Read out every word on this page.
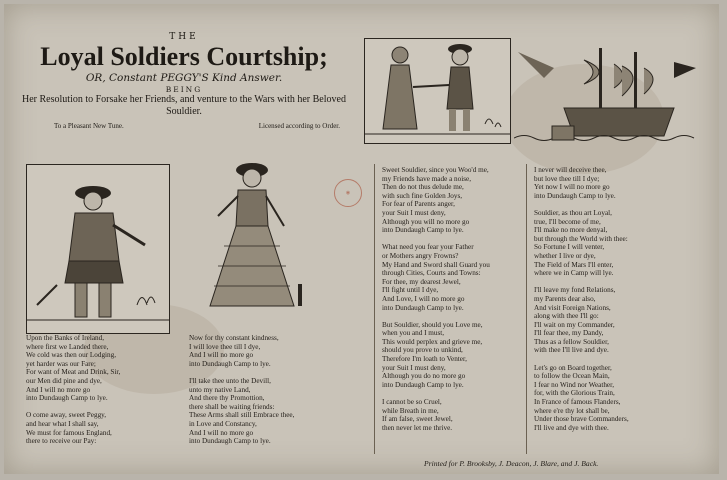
THE
Loyal Soldiers Courtship;
OR, Constant PEGGY'S Kind Answer.
BEING
Her Resolution to Forsake her Friends, and venture to the Wars with her Beloved Souldier.
To a Pleasant New Tune.	Licensed according to Order.
◉
Upon the Banks of Ireland,
where first we Landed there,
We cold was then our Lodging,
yet harder was our Fare;
For want of Meat and Drink, Sir,
our Men did pine and dye,
And I will no more go
into Dundaugh Camp to lye.

O come away, sweet Peggy,
and hear what I shall say,
We must for famous England,
there to receive our Pay:
Now for thy constant kindness,
I will love thee till I dye,
And I will no more go
into Dundaugh Camp to lye.

I'll take thee unto the Devill,
unto my native Land,
And there thy Promottion,
there shall be waiting friends:
These Arms shall still Embrace thee,
in Love and Constancy,
And I will no more go
into Dundaugh Camp to lye.
Sweet Souldier, since you Woo'd me,
my Friends have made a noise,
Then do not thus delude me,
with such fine Golden Joys,
For fear of Parents anger,
your Suit I must deny,
Although you will no more go
into Dundaugh Camp to lye.

What need you fear your Father
or Mothers angry Frowns?
My Hand and Sword shall Guard you
through Cities, Courts and Towns:
For thee, my dearest Jewel,
I'll fight until I dye,
And Love, I will no more go
into Dundaugh Camp to lye.

But Souldier, should you Love me,
when you and I must,
This would perplex and grieve me,
should you prove to unkind,
Therefore I'm loath to Venter,
your Suit I must deny,
Although you do no more go
into Dundaugh Camp to lye.

I cannot be so Cruel,
while Breath in me,
If am false, sweet Jewel,
then never let me thrive.
I never will deceive thee,
but love thee till I dye;
Yet now I will no more go
into Dundaugh Camp to lye.

Souldier, as thou art Loyal,
true, I'll become of me,
I'll make no more denyal,
but through the World with thee:
So Fortune I will venter,
whether I live or dye,
The Field of Mars I'll enter,
where we in Camp will lye.

I'll leave my fond Relations,
my Parents dear also,
And visit Foreign Nations,
along with thee I'll go:
I'll wait on my Commander,
I'll fear thee, my Dandy,
Thus as a fellow Souldier,
with thee I'll live and dye.

Let's go on Board together,
to follow the Ocean Main,
I fear no Wind nor Weather,
for, with the Glorious Train,
In France of famous Flanders,
where e're thy lot shall be,
Under those brave Commanders,
I'll live and dye with thee.
Printed for P. Brooksby, J. Deacon, J. Blare, and J. Back.
